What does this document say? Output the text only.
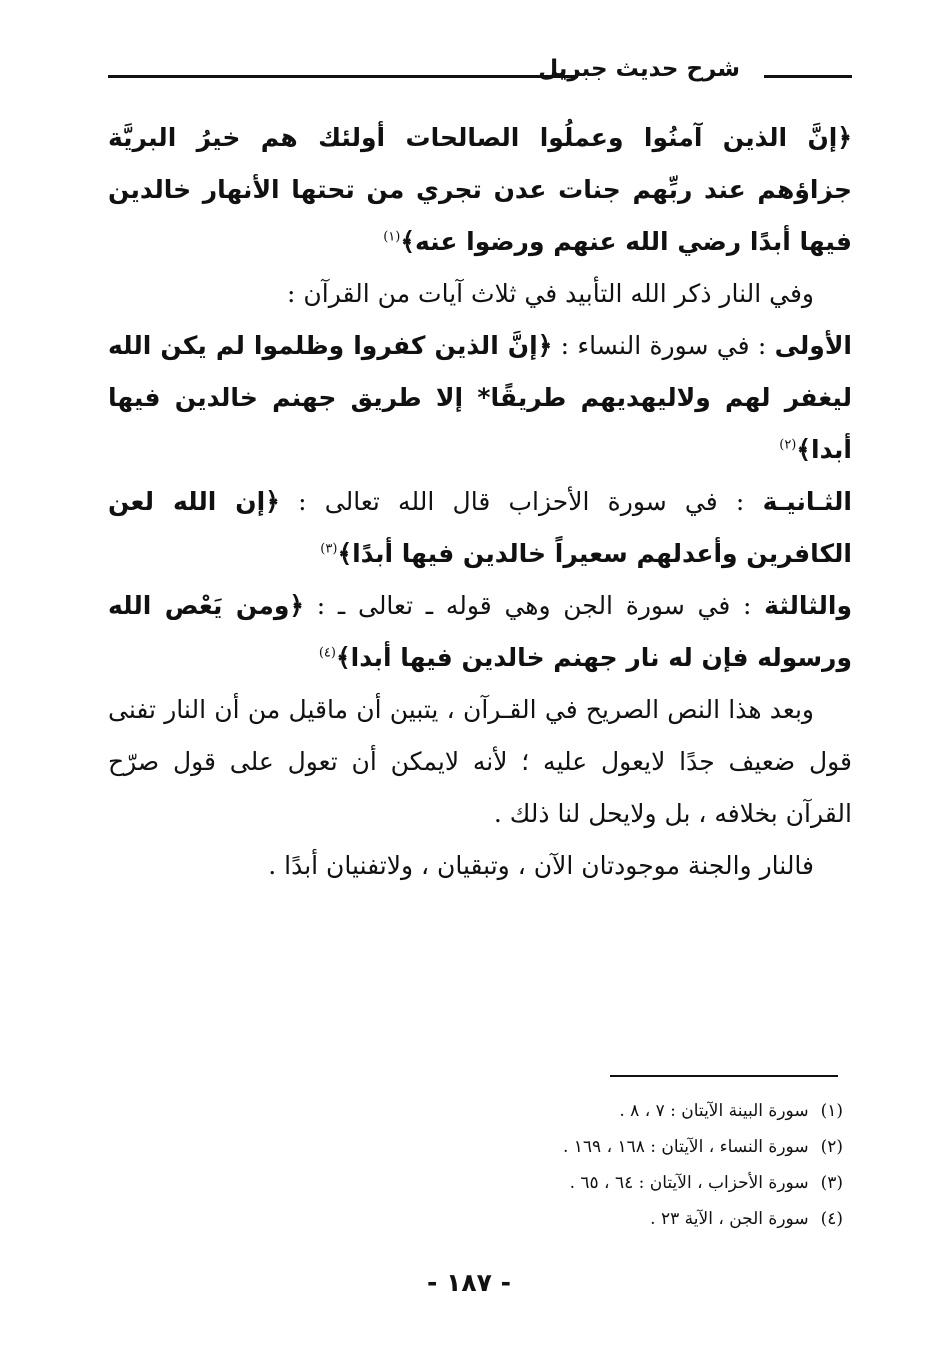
شرح حديث جبريل

﴿إنَّ الذين آمنُوا وعملُوا الصالحات أولئك هم خيرُ البريَّة جزاؤهم عند ربِّهم جنات عدن تجري من تحتها الأنهار خالدين فيها أبدًا رضي الله عنهم ورضوا عنه﴾$^{(١)}$

وفي النار ذكر الله التأبيد في ثلاث آيات من القرآن :

الأولى : في سورة النساء : ﴿إنَّ الذين كفروا وظلموا لم يكن الله ليغفر لهم ولاليهديهم طريقًا* إلا طريق جهنم خالدين فيها أبدا﴾$^{(٢)}$

الثـانيـة : في سورة الأحزاب قال الله تعالى : ﴿إن الله لعن الكافرين وأعدلهم سعيراً خالدين فيها أبدًا﴾$^{(٣)}$

والثالثة : في سورة الجن وهي قوله ـ تعالى ـ : ﴿ومن يَعْص الله ورسوله فإن له نار جهنم خالدين فيها أبدا﴾$^{(٤)}$

وبعد هذا النص الصريح في القـرآن ، يتبين أن ماقيل من أن النار تفنى قول ضعيف جدًا لايعول عليه ؛ لأنه لايمكن أن تعول على قول صرّح القرآن بخلافه ، بل ولايحل لنا ذلك .

فالنار والجنة موجودتان الآن ، وتبقيان ، ولاتفنيان أبدًا .

(١)سورة البينة الآيتان : ٧ ، ٨ .
(٢)سورة النساء ، الآيتان : ١٦٨ ، ١٦٩ .
(٣)سورة الأحزاب ، الآيتان : ٦٤ ، ٦٥ .
(٤)سورة الجن ، الآية ٢٣ .
- ١٨٧ -
